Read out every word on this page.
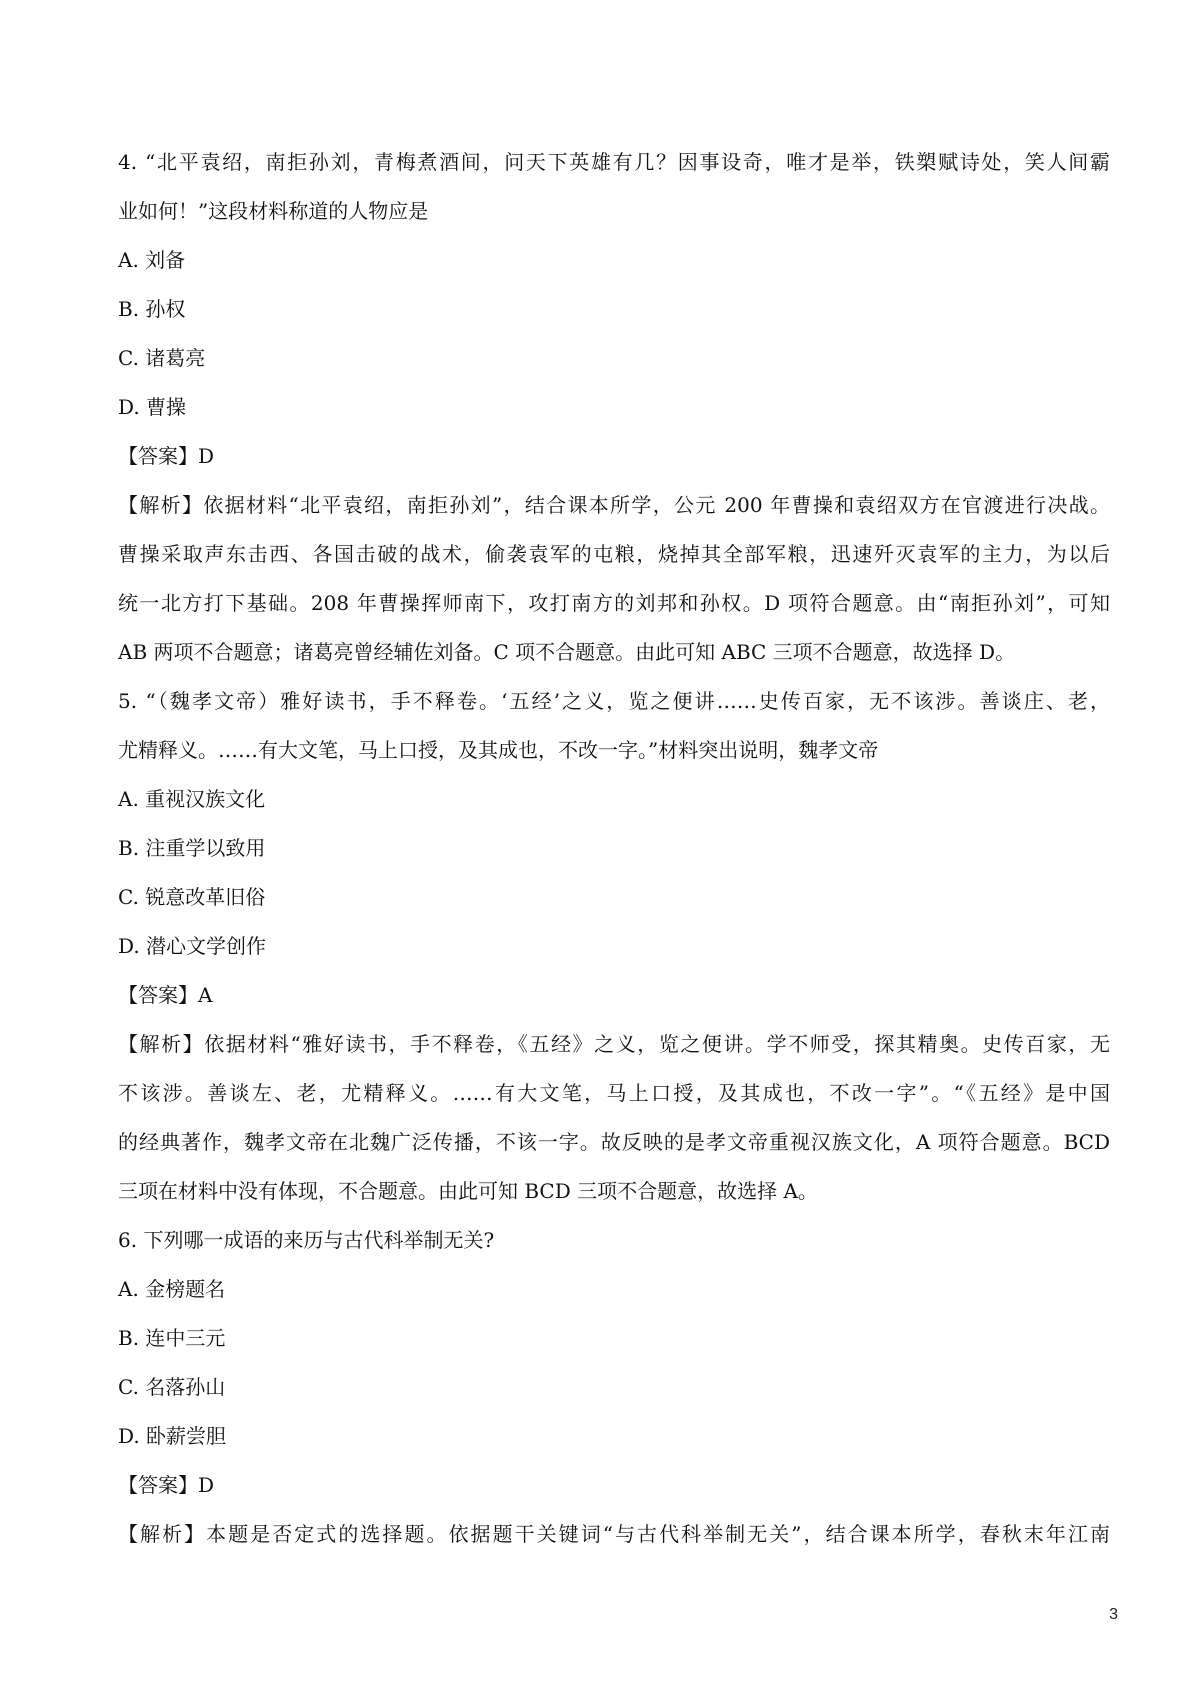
4. “北平袁绍，南拒孙刘，青梅煮酒间，问天下英雄有几？因事设奇，唯才是举，铁槊赋诗处，笑人间霸

业如何！”这段材料称道的人物应是

A. 刘备

B. 孙权

C. 诸葛亮

D. 曹操

【答案】D

【解析】依据材料“北平袁绍，南拒孙刘”，结合课本所学，公元 200 年曹操和袁绍双方在官渡进行决战。

曹操采取声东击西、各国击破的战术，偷袭袁军的屯粮，烧掉其全部军粮，迅速歼灭袁军的主力，为以后

统一北方打下基础。208 年曹操挥师南下，攻打南方的刘邦和孙权。D 项符合题意。由“南拒孙刘”，可知

AB 两项不合题意；诸葛亮曾经辅佐刘备。C 项不合题意。由此可知 ABC 三项不合题意，故选择 D。

5. “（魏孝文帝）雅好读书，手不释卷。‘五经’之义，览之便讲……史传百家，无不该涉。善谈庄、老，

尤精释义。……有大文笔，马上口授，及其成也，不改一字。”材料突出说明，魏孝文帝

A. 重视汉族文化

B. 注重学以致用

C. 锐意改革旧俗

D. 潜心文学创作

【答案】A

【解析】依据材料“雅好读书，手不释卷，《五经》之义，览之便讲。学不师受，探其精奥。史传百家，无

不该涉。善谈左、老，尤精释义。……有大文笔，马上口授，及其成也，不改一字”。“《五经》是中国

的经典著作，魏孝文帝在北魏广泛传播，不该一字。故反映的是孝文帝重视汉族文化，A 项符合题意。BCD

三项在材料中没有体现，不合题意。由此可知 BCD 三项不合题意，故选择 A。

6. 下列哪一成语的来历与古代科举制无关?

A. 金榜题名

B. 连中三元

C. 名落孙山

D. 卧薪尝胆

【答案】D

【解析】本题是否定式的选择题。依据题干关键词“与古代科举制无关”，结合课本所学，春秋末年江南

3
